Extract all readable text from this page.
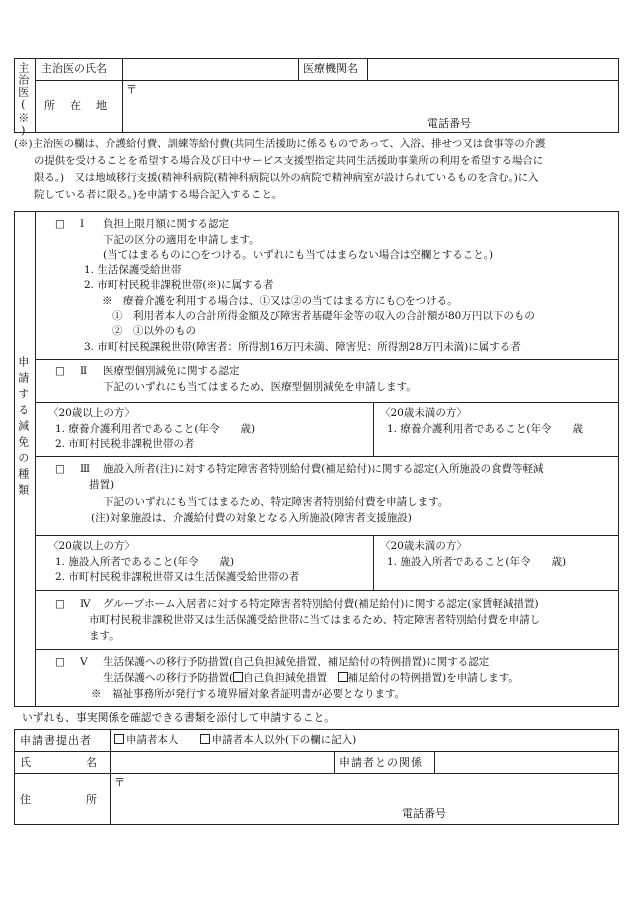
主治医(※) 主治医の氏名	医療機関名
所　在　地
〒
電話番号
(※)主治医の欄は、介護給付費、訓練等給付費(共同生活援助に係るものであって、入浴、排せつ又は食事等の介護
の提供を受けることを希望する場合及び日中サービス支援型指定共同生活援助事業所の利用を希望する場合に
限る。)　又は地域移行支援(精神科病院(精神科病院以外の病院で精神病室が設けられているものを含む。)に入
院している者に限る。)を申請する場合記入すること。
申請する減免の種類
□ Ⅰ 負担上限月額に関する認定
下記の区分の適用を申請します。
(当てはまるものに○をつける。いずれにも当てはまらない場合は空欄とすること。)
1. 生活保護受給世帯
2. 市町村民税非課税世帯(※)に属する者
※　療養介護を利用する場合は、①又は②の当てはまる方にも○をつける。
①　利用者本人の合計所得金額及び障害者基礎年金等の収入の合計額が80万円以下のもの
②　①以外のもの
3. 市町村民税課税世帯(障害者：所得割16万円未満、障害児：所得割28万円未満)に属する者
□ Ⅱ 医療型個別減免に関する認定
下記のいずれにも当てはまるため、医療型個別減免を申請します。
〈20歳以上の方〉
1. 療養介護利用者であること(年令　　歳)
2. 市町村民税非課税世帯の者
〈20歳未満の方〉
1. 療養介護利用者であること(年令　　歳
□ Ⅲ 施設入所者(注)に対する特定障害者特別給付費(補足給付)に関する認定(入所施設の食費等軽減
措置)
下記のいずれにも当てはまるため、特定障害者特別給付費を申請します。
(注)対象施設は、介護給付費の対象となる入所施設(障害者支援施設)
〈20歳以上の方〉
1. 施設入所者であること(年令　　歳)
2. 市町村民税非課税世帯又は生活保護受給世帯の者
〈20歳未満の方〉
1. 施設入所者であること(年令　　歳)
□ Ⅳ グループホーム入居者に対する特定障害者特別給付費(補足給付)に関する認定(家賃軽減措置)
市町村民税非課税世帯又は生活保護受給世帯に当てはまるため、特定障害者特別給付費を申請し
ます。
□ Ⅴ 生活保護への移行予防措置(自己負担減免措置、補足給付の特例措置)に関する認定
生活保護への移行予防措置( 自己負担減免措置　 補足給付の特例措置)を申請します。
※　福祉事務所が発行する境界層対象者証明書が必要となります。
いずれも、事実関係を確認できる書類を添付して申請すること。
申請書提出者	申請者本人　　	申請者本人以外(下の欄に記入)
氏　　　　　名	申請者との関係
住　　　　　所
〒
電話番号
